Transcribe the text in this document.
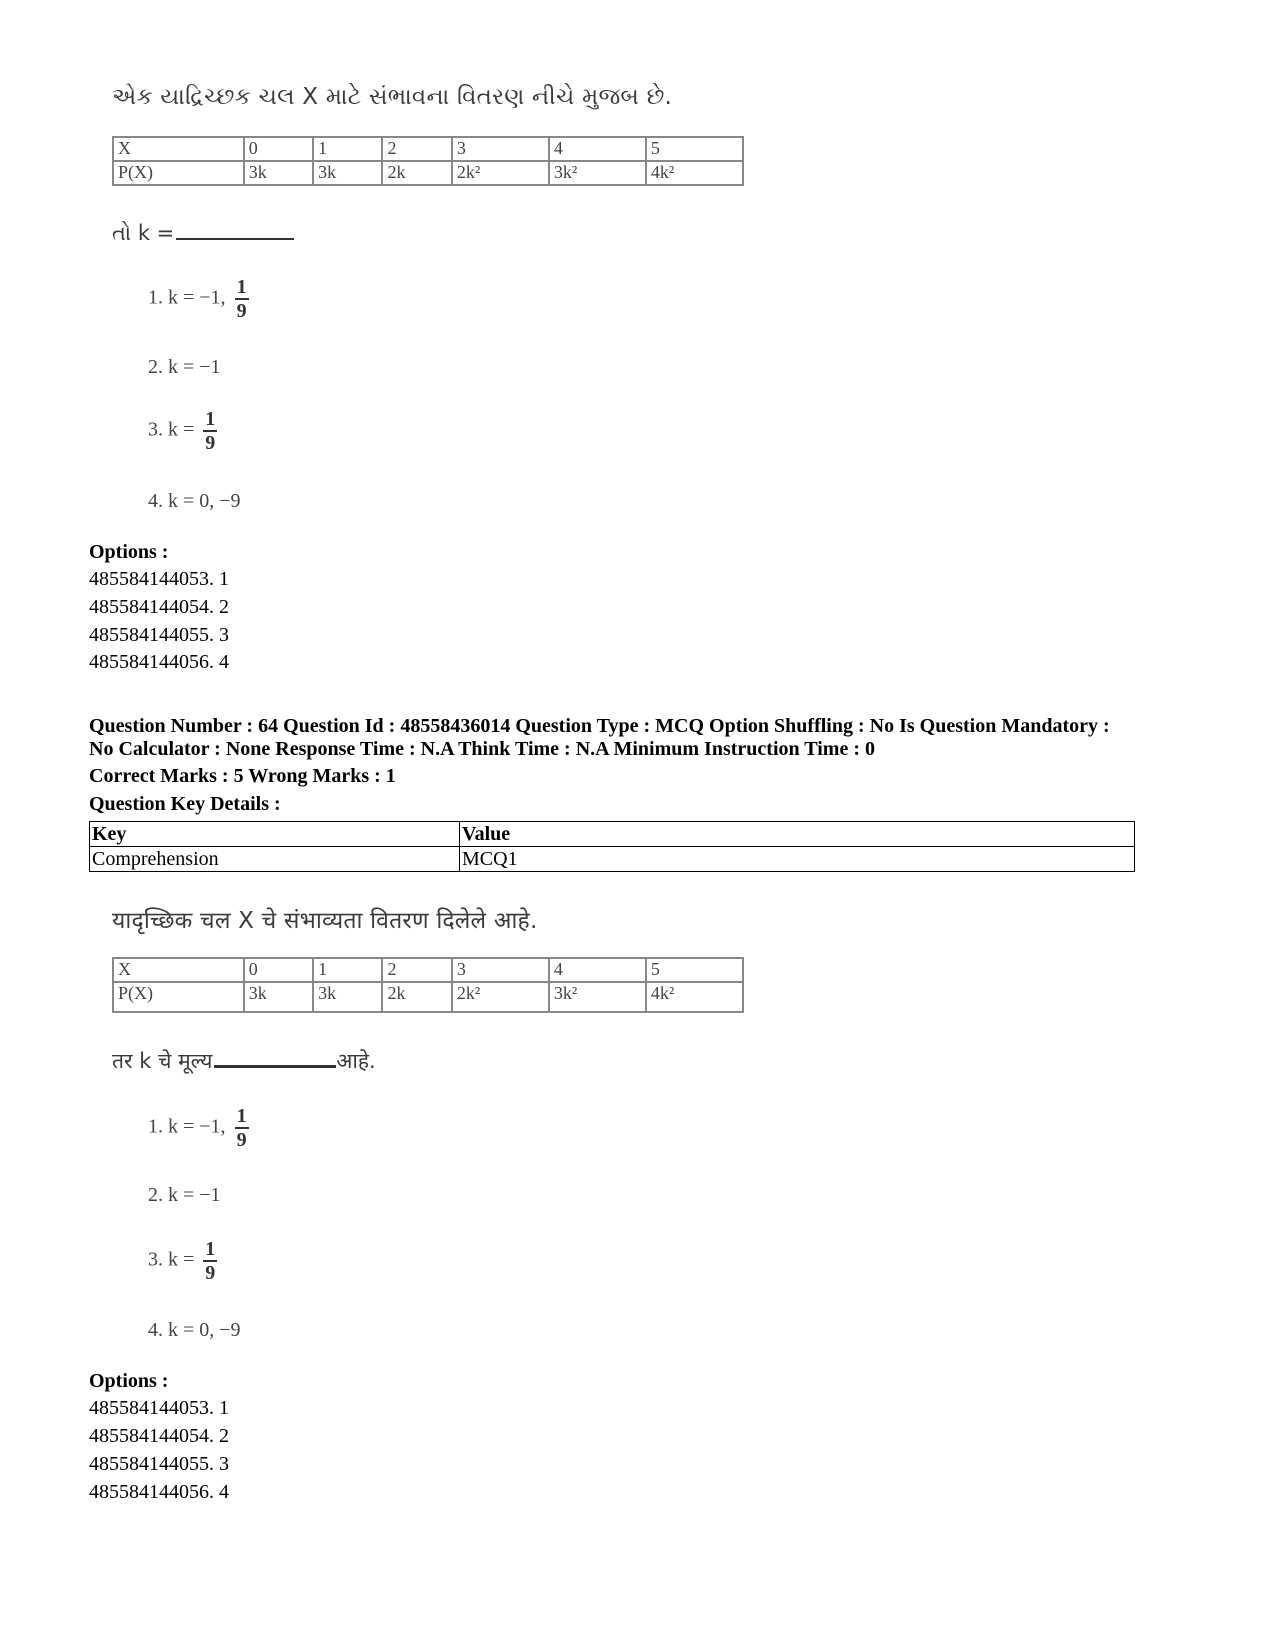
એક યાદ્રિચ્છક ચલ X માટે સંભાવના વિતરણ નીચે મુજબ છે.
X	0	1	2	3	4	5
P(X)	3k	3k	2k	2k²	3k²	4k²
તો k =
1. k = −1, $\frac{1}{9}$
2. k = −1
3. $k = \frac{1}{9}$
4. k = 0, −9
Options :
485584144053. 1
485584144054. 2
485584144055. 3
485584144056. 4
Question Number : 64 Question Id : 48558436014 Question Type : MCQ Option Shuffling : No Is Question Mandatory :
No Calculator : None Response Time : N.A Think Time : N.A Minimum Instruction Time : 0
Correct Marks : 5 Wrong Marks : 1
Question Key Details :
Key	Value
Comprehension	MCQ1
यादृच्छिक चल X चे संभाव्यता वितरण दिलेले आहे.
X	0	1	2	3	4	5
P(X)	3k	3k	2k	2k²	3k²	4k²
तर k चे मूल्य	आहे.
1. k = −1, $\frac{1}{9}$
2. k = −1
3. $k = \frac{1}{9}$
4. k = 0, −9
Options :
485584144053. 1
485584144054. 2
485584144055. 3
485584144056. 4
